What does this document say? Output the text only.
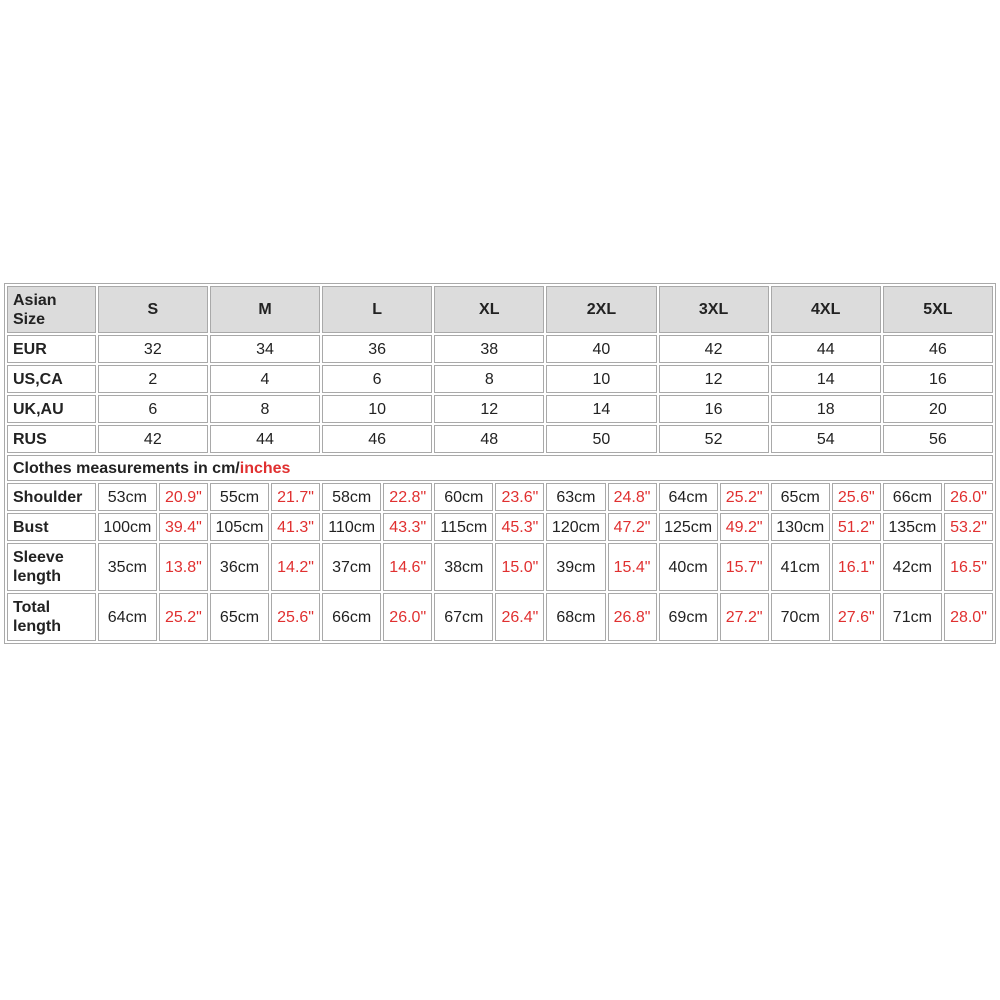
Asian
Size	S		M		L		XL		2XL		3XL		4XL		5XL	
EUR	32		34		36		38		40		42		44		46	
US,CA	2		4		6		8		10		12		14		16	
UK,AU	6		8		10		12		14		16		18		20	
RUS	42		44		46		48		50		52		54		56	
Clothes measurements in cm/inches																
Shoulder	53cm	20.9"	55cm	21.7"	58cm	22.8"	60cm	23.6"	63cm	24.8"	64cm	25.2"	65cm	25.6"	66cm	26.0"
Bust	100cm	39.4"	105cm	41.3"	110cm	43.3"	115cm	45.3"	120cm	47.2"	125cm	49.2"	130cm	51.2"	135cm	53.2"
Sleeve
length	35cm	13.8"	36cm	14.2"	37cm	14.6"	38cm	15.0"	39cm	15.4"	40cm	15.7"	41cm	16.1"	42cm	16.5"
Total
length	64cm	25.2"	65cm	25.6"	66cm	26.0"	67cm	26.4"	68cm	26.8"	69cm	27.2"	70cm	27.6"	71cm	28.0"
